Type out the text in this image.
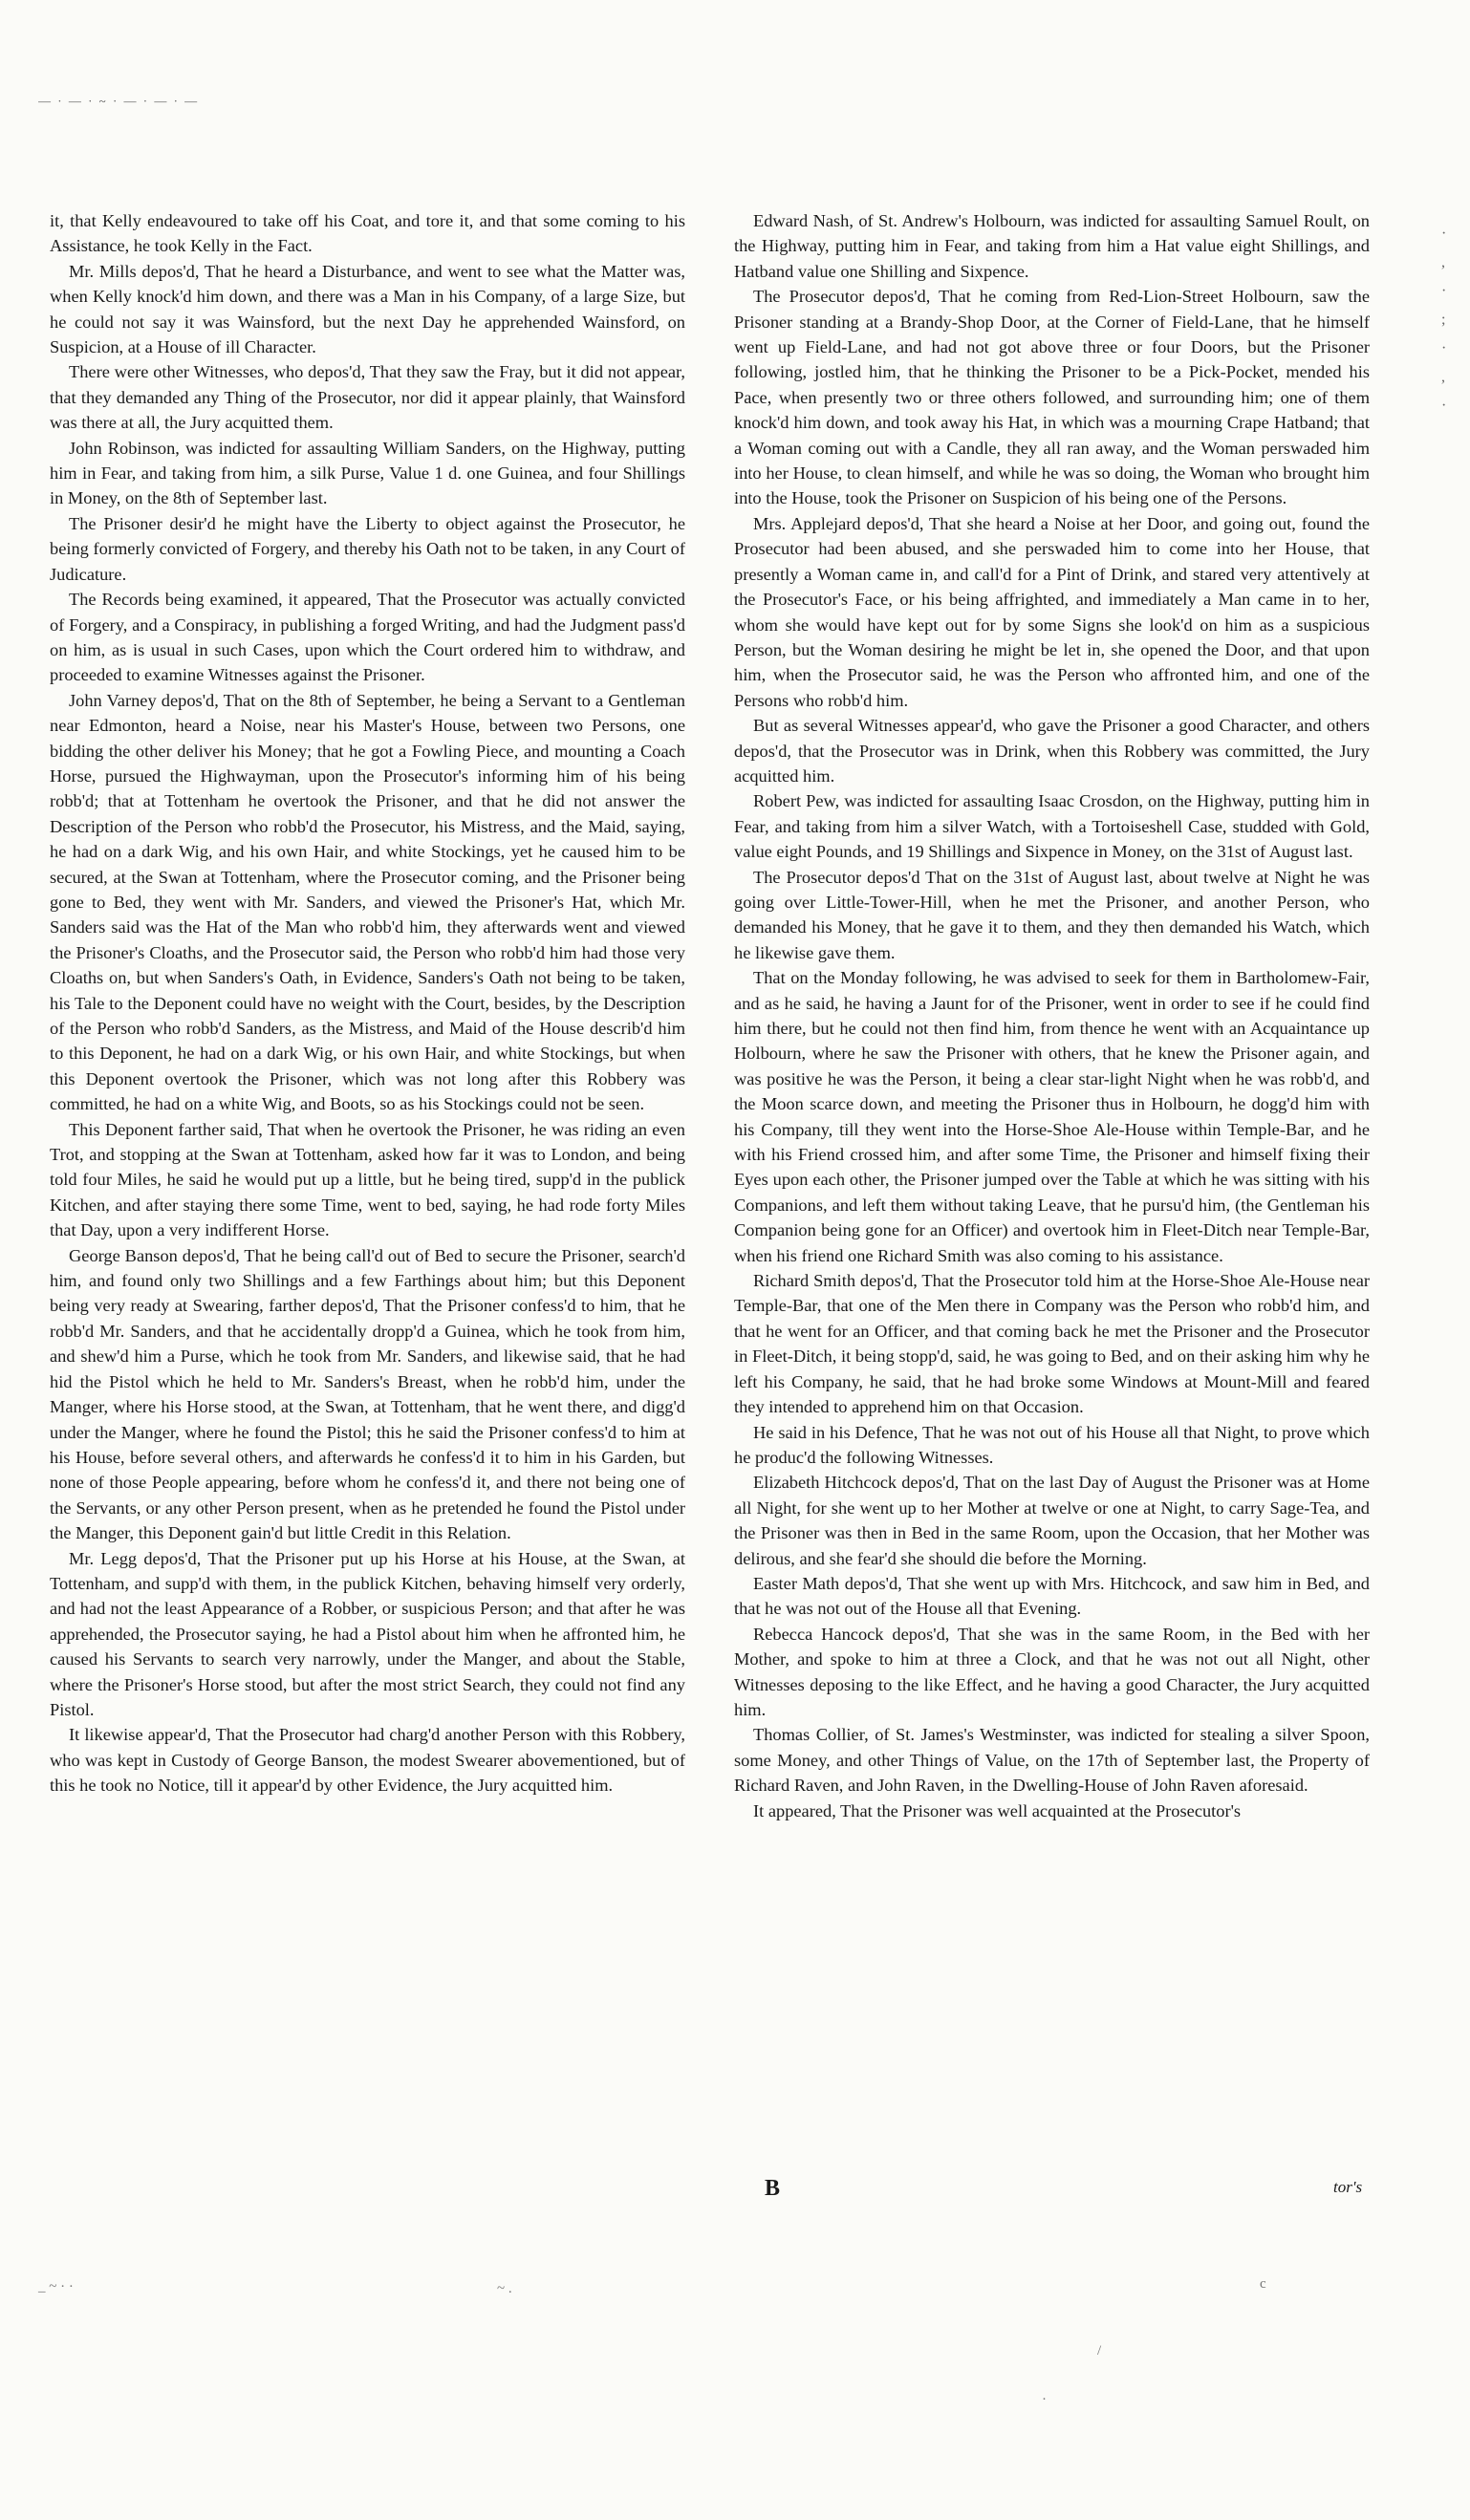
— · — · ~ · — · — · —

it, that Kelly endeavoured to take off his Coat, and tore it, and that some coming to his Assistance, he took Kelly in the Fact.

Mr. Mills depos'd, That he heard a Disturbance, and went to see what the Matter was, when Kelly knock'd him down, and there was a Man in his Company, of a large Size, but he could not say it was Wainsford, but the next Day he apprehended Wainsford, on Suspicion, at a House of ill Character.

There were other Witnesses, who depos'd, That they saw the Fray, but it did not appear, that they demanded any Thing of the Prosecutor, nor did it appear plainly, that Wainsford was there at all, the Jury acquitted them.

John Robinson, was indicted for assaulting William Sanders, on the Highway, putting him in Fear, and taking from him, a silk Purse, Value 1 d. one Guinea, and four Shillings in Money, on the 8th of September last.

The Prisoner desir'd he might have the Liberty to object against the Prosecutor, he being formerly convicted of Forgery, and thereby his Oath not to be taken, in any Court of Judicature.

The Records being examined, it appeared, That the Prosecutor was actually convicted of Forgery, and a Conspiracy, in publishing a forged Writing, and had the Judgment pass'd on him, as is usual in such Cases, upon which the Court ordered him to withdraw, and proceeded to examine Witnesses against the Prisoner.

John Varney depos'd, That on the 8th of September, he being a Servant to a Gentleman near Edmonton, heard a Noise, near his Master's House, between two Persons, one bidding the other deliver his Money; that he got a Fowling Piece, and mounting a Coach Horse, pursued the Highwayman, upon the Prosecutor's informing him of his being robb'd; that at Tottenham he overtook the Prisoner, and that he did not answer the Description of the Person who robb'd the Prosecutor, his Mistress, and the Maid, saying, he had on a dark Wig, and his own Hair, and white Stockings, yet he caused him to be secured, at the Swan at Tottenham, where the Prosecutor coming, and the Prisoner being gone to Bed, they went with Mr. Sanders, and viewed the Prisoner's Hat, which Mr. Sanders said was the Hat of the Man who robb'd him, they afterwards went and viewed the Prisoner's Cloaths, and the Prosecutor said, the Person who robb'd him had those very Cloaths on, but when Sanders's Oath, in Evidence, Sanders's Oath not being to be taken, his Tale to the Deponent could have no weight with the Court, besides, by the Description of the Person who robb'd Sanders, as the Mistress, and Maid of the House describ'd him to this Deponent, he had on a dark Wig, or his own Hair, and white Stockings, but when this Deponent overtook the Prisoner, which was not long after this Robbery was committed, he had on a white Wig, and Boots, so as his Stockings could not be seen.

This Deponent farther said, That when he overtook the Prisoner, he was riding an even Trot, and stopping at the Swan at Tottenham, asked how far it was to London, and being told four Miles, he said he would put up a little, but he being tired, supp'd in the publick Kitchen, and after staying there some Time, went to bed, saying, he had rode forty Miles that Day, upon a very indifferent Horse.

George Banson depos'd, That he being call'd out of Bed to secure the Prisoner, search'd him, and found only two Shillings and a few Farthings about him; but this Deponent being very ready at Swearing, farther depos'd, That the Prisoner confess'd to him, that he robb'd Mr. Sanders, and that he accidentally dropp'd a Guinea, which he took from him, and shew'd him a Purse, which he took from Mr. Sanders, and likewise said, that he had hid the Pistol which he held to Mr. Sanders's Breast, when he robb'd him, under the Manger, where his Horse stood, at the Swan, at Tottenham, that he went there, and digg'd under the Manger, where he found the Pistol; this he said the Prisoner confess'd to him at his House, before several others, and afterwards he confess'd it to him in his Garden, but none of those People appearing, before whom he confess'd it, and there not being one of the Servants, or any other Person present, when as he pretended he found the Pistol under the Manger, this Deponent gain'd but little Credit in this Relation.

Mr. Legg depos'd, That the Prisoner put up his Horse at his House, at the Swan, at Tottenham, and supp'd with them, in the publick Kitchen, behaving himself very orderly, and had not the least Appearance of a Robber, or suspicious Person; and that after he was apprehended, the Prosecutor saying, he had a Pistol about him when he affronted him, he caused his Servants to search very narrowly, under the Manger, and about the Stable, where the Prisoner's Horse stood, but after the most strict Search, they could not find any Pistol.

It likewise appear'd, That the Prosecutor had charg'd another Person with this Robbery, who was kept in Custody of George Banson, the modest Swearer abovementioned, but of this he took no Notice, till it appear'd by other Evidence, the Jury acquitted him.

Edward Nash, of St. Andrew's Holbourn, was indicted for assaulting Samuel Roult, on the Highway, putting him in Fear, and taking from him a Hat value eight Shillings, and Hatband value one Shilling and Sixpence.

The Prosecutor depos'd, That he coming from Red-Lion-Street Holbourn, saw the Prisoner standing at a Brandy-Shop Door, at the Corner of Field-Lane, that he himself went up Field-Lane, and had not got above three or four Doors, but the Prisoner following, jostled him, that he thinking the Prisoner to be a Pick-Pocket, mended his Pace, when presently two or three others followed, and surrounding him; one of them knock'd him down, and took away his Hat, in which was a mourning Crape Hatband; that a Woman coming out with a Candle, they all ran away, and the Woman perswaded him into her House, to clean himself, and while he was so doing, the Woman who brought him into the House, took the Prisoner on Suspicion of his being one of the Persons.

Mrs. Applejard depos'd, That she heard a Noise at her Door, and going out, found the Prosecutor had been abused, and she perswaded him to come into her House, that presently a Woman came in, and call'd for a Pint of Drink, and stared very attentively at the Prosecutor's Face, or his being affrighted, and immediately a Man came in to her, whom she would have kept out for by some Signs she look'd on him as a suspicious Person, but the Woman desiring he might be let in, she opened the Door, and that upon him, when the Prosecutor said, he was the Person who affronted him, and one of the Persons who robb'd him.

But as several Witnesses appear'd, who gave the Prisoner a good Character, and others depos'd, that the Prosecutor was in Drink, when this Robbery was committed, the Jury acquitted him.

Robert Pew, was indicted for assaulting Isaac Crosdon, on the Highway, putting him in Fear, and taking from him a silver Watch, with a Tortoiseshell Case, studded with Gold, value eight Pounds, and 19 Shillings and Sixpence in Money, on the 31st of August last.

The Prosecutor depos'd That on the 31st of August last, about twelve at Night he was going over Little-Tower-Hill, when he met the Prisoner, and another Person, who demanded his Money, that he gave it to them, and they then demanded his Watch, which he likewise gave them.

That on the Monday following, he was advised to seek for them in Bartholomew-Fair, and as he said, he having a Jaunt for of the Prisoner, went in order to see if he could find him there, but he could not then find him, from thence he went with an Acquaintance up Holbourn, where he saw the Prisoner with others, that he knew the Prisoner again, and was positive he was the Person, it being a clear star-light Night when he was robb'd, and the Moon scarce down, and meeting the Prisoner thus in Holbourn, he dogg'd him with his Company, till they went into the Horse-Shoe Ale-House within Temple-Bar, and he with his Friend crossed him, and after some Time, the Prisoner and himself fixing their Eyes upon each other, the Prisoner jumped over the Table at which he was sitting with his Companions, and left them without taking Leave, that he pursu'd him, (the Gentleman his Companion being gone for an Officer) and overtook him in Fleet-Ditch near Temple-Bar, when his friend one Richard Smith was also coming to his assistance.

Richard Smith depos'd, That the Prosecutor told him at the Horse-Shoe Ale-House near Temple-Bar, that one of the Men there in Company was the Person who robb'd him, and that he went for an Officer, and that coming back he met the Prisoner and the Prosecutor in Fleet-Ditch, it being stopp'd, said, he was going to Bed, and on their asking him why he left his Company, he said, that he had broke some Windows at Mount-Mill and feared they intended to apprehend him on that Occasion.

He said in his Defence, That he was not out of his House all that Night, to prove which he produc'd the following Witnesses.

Elizabeth Hitchcock depos'd, That on the last Day of August the Prisoner was at Home all Night, for she went up to her Mother at twelve or one at Night, to carry Sage-Tea, and the Prisoner was then in Bed in the same Room, upon the Occasion, that her Mother was delirous, and she fear'd she should die before the Morning.

Easter Math depos'd, That she went up with Mrs. Hitchcock, and saw him in Bed, and that he was not out of the House all that Evening.

Rebecca Hancock depos'd, That she was in the same Room, in the Bed with her Mother, and spoke to him at three a Clock, and that he was not out all Night, other Witnesses deposing to the like Effect, and he having a good Character, the Jury acquitted him.

Thomas Collier, of St. James's Westminster, was indicted for stealing a silver Spoon, some Money, and other Things of Value, on the 17th of September last, the Property of Richard Raven, and John Raven, in the Dwelling-House of John Raven aforesaid.

It appeared, That the Prisoner was well acquainted at the Prosecutor's

B	tor's
·
,
·
;
·
,
·
_ ~ · ·	~ .	c
/
·
